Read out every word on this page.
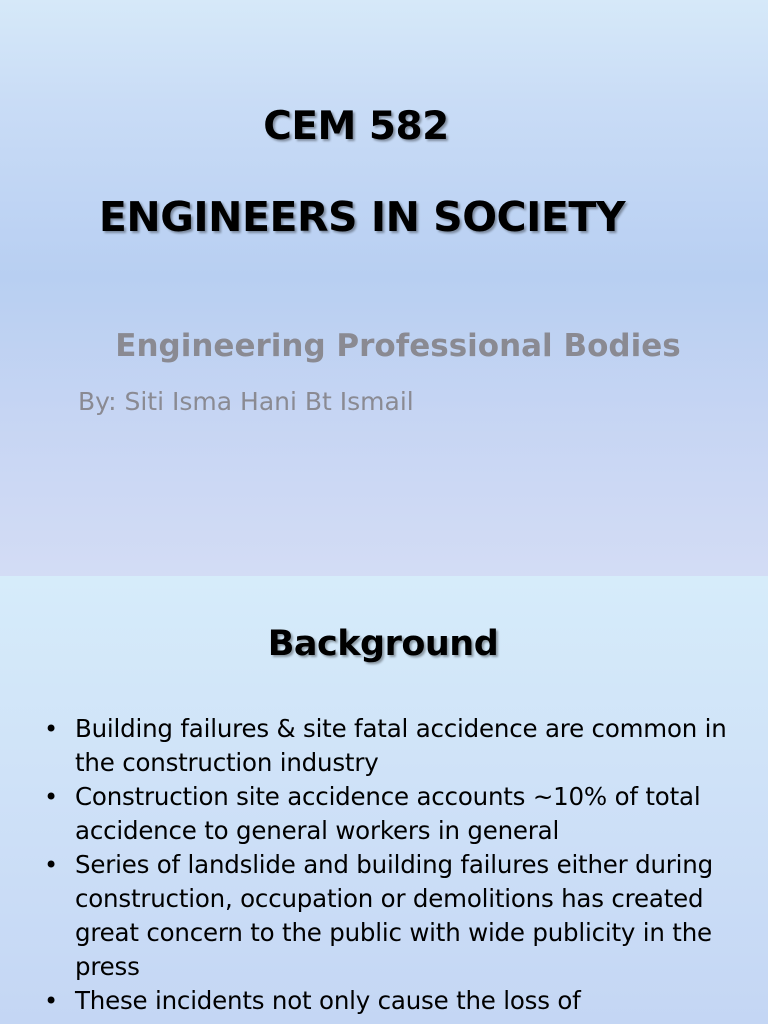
CEM 582
ENGINEERS IN SOCIETY
Engineering Professional Bodies
By: Siti Isma Hani Bt Ismail
Background
• Building failures & site fatal accidence are common in the construction industry
• Construction site accidence accounts ~10% of total accidence to general workers in general
• Series of landslide and building failures either during construction, occupation or demolitions has created great concern to the public with wide publicity in the press
• These incidents not only cause the loss of
